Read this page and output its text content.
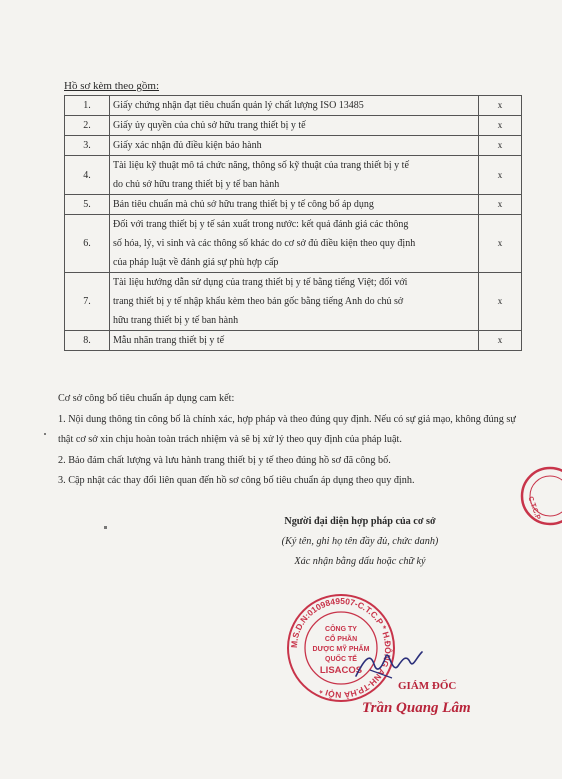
Hồ sơ kèm theo gồm:
1.	Giấy chứng nhận đạt tiêu chuẩn quản lý chất lượng ISO 13485	x
2.	Giấy ủy quyền của chủ sở hữu trang thiết bị y tế	x
3.	Giấy xác nhận đủ điều kiện bảo hành	x
4.	Tài liệu kỹ thuật mô tả chức năng, thông số kỹ thuật của trang thiết bị y tế
do chủ sở hữu trang thiết bị y tế ban hành	x
5.	Bản tiêu chuẩn mà chủ sở hữu trang thiết bị y tế công bố áp dụng	x
6.	Đối với trang thiết bị y tế sản xuất trong nước: kết quả đánh giá các thông
số hóa, lý, vi sinh và các thông số khác do cơ sở đủ điều kiện theo quy định
của pháp luật về đánh giá sự phù hợp cấp	x
7.	Tài liệu hướng dẫn sử dụng của trang thiết bị y tế bằng tiếng Việt; đối với
trang thiết bị y tế nhập khẩu kèm theo bản gốc bằng tiếng Anh do chủ sở
hữu trang thiết bị y tế ban hành	x
8.	Mẫu nhãn trang thiết bị y tế	x

Cơ sở công bố tiêu chuẩn áp dụng cam kết:

1. Nội dung thông tin công bố là chính xác, hợp pháp và theo đúng quy định. Nếu có sự giả mạo, không đúng sự thật cơ sở xin chịu hoàn toàn trách nhiệm và sẽ bị xử lý theo quy định của pháp luật.

2. Bảo đảm chất lượng và lưu hành trang thiết bị y tế theo đúng hồ sơ đã công bố.

3. Cập nhật các thay đổi liên quan đến hồ sơ công bố tiêu chuẩn áp dụng theo quy định.

Người đại diện hợp pháp của cơ sở
(Ký tên, ghi họ tên đầy đủ, chức danh)
Xác nhận bằng dấu hoặc chữ ký
M.S.D.N:0109849507-C.T.C.P * H.ĐÔNG ANH-TP.HÀ NỘI *
CÔNG TY
CỔ PHẦN
DƯỢC MỸ PHẨM
QUỐC TẾ
LISACOS
C.T.C.P
GIÁM ĐỐC
Trần Quang Lâm
